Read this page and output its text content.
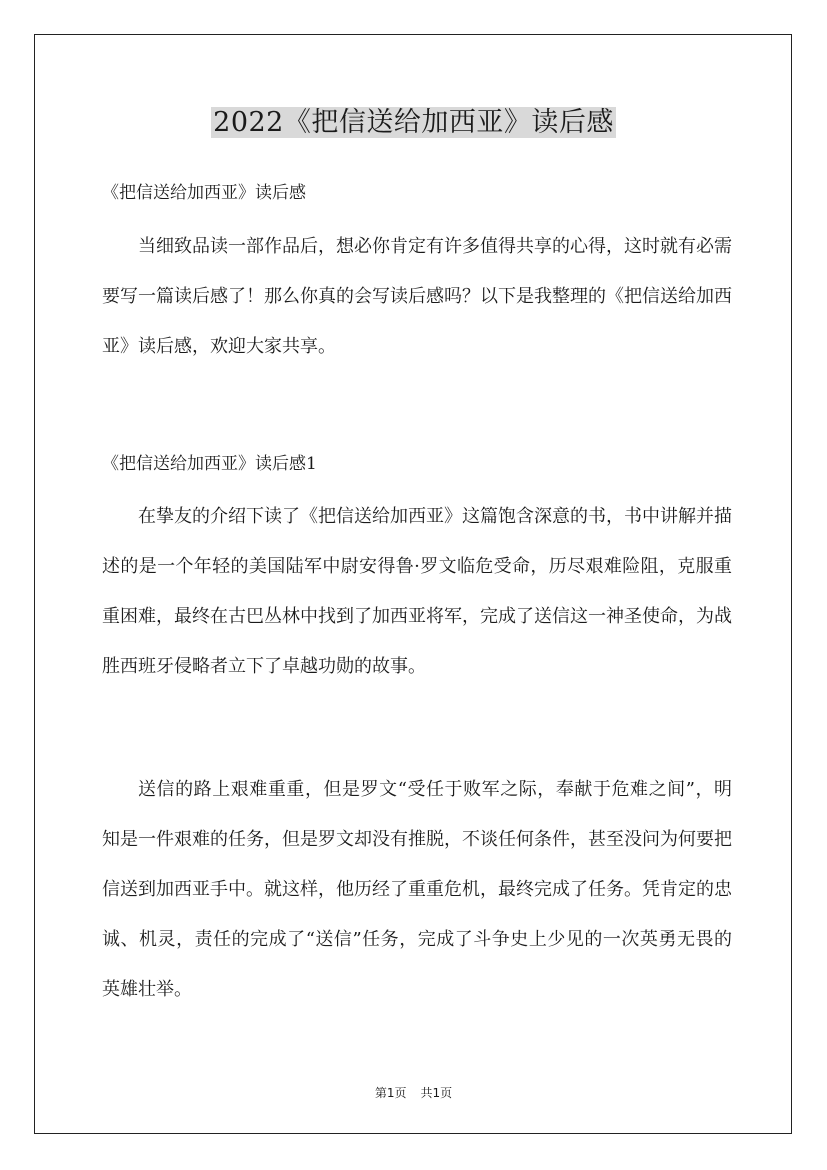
2022《把信送给加西亚》读后感
《把信送给加西亚》读后感

当细致品读一部作品后，想必你肯定有许多值得共享的心得，这时就有必需要写一篇读后感了！那么你真的会写读后感吗？以下是我整理的《把信送给加西亚》读后感，欢迎大家共享。

《把信送给加西亚》读后感1

在挚友的介绍下读了《把信送给加西亚》这篇饱含深意的书，书中讲解并描述的是一个年轻的美国陆军中尉安得鲁·罗文临危受命，历尽艰难险阻，克服重重困难，最终在古巴丛林中找到了加西亚将军，完成了送信这一神圣使命，为战胜西班牙侵略者立下了卓越功勋的故事。

送信的路上艰难重重，但是罗文“受任于败军之际，奉献于危难之间”，明知是一件艰难的任务，但是罗文却没有推脱，不谈任何条件，甚至没问为何要把信送到加西亚手中。就这样，他历经了重重危机，最终完成了任务。凭肯定的忠诚、机灵，责任的完成了“送信”任务，完成了斗争史上少见的一次英勇无畏的英雄壮举。

第1页 共1页
